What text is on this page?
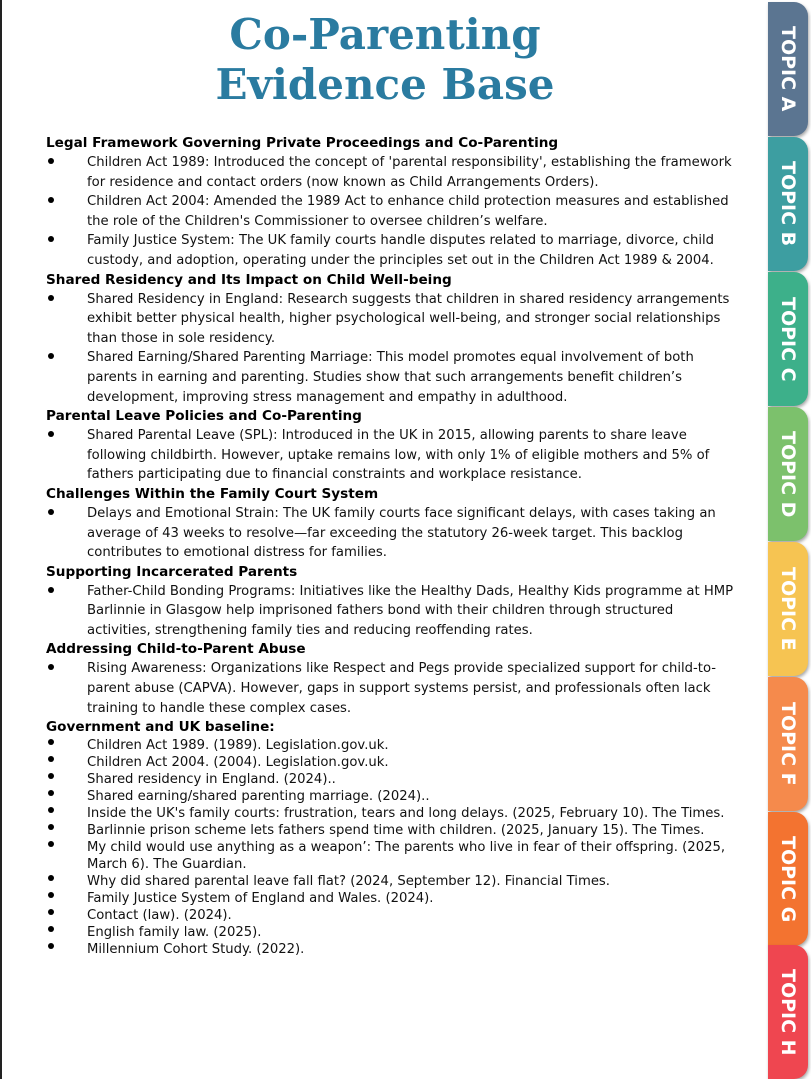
Co-Parenting
Evidence Base
Legal Framework Governing Private Proceedings and Co-Parenting
Children Act 1989: Introduced the concept of 'parental responsibility', establishing the framework for residence and contact orders (now known as Child Arrangements Orders).
Children Act 2004: Amended the 1989 Act to enhance child protection measures and established the role of the Children's Commissioner to oversee children’s welfare.
Family Justice System: The UK family courts handle disputes related to marriage, divorce, child custody, and adoption, operating under the principles set out in the Children Act 1989 & 2004.
Shared Residency and Its Impact on Child Well-being
Shared Residency in England: Research suggests that children in shared residency arrangements exhibit better physical health, higher psychological well-being, and stronger social relationships than those in sole residency.
Shared Earning/Shared Parenting Marriage: This model promotes equal involvement of both parents in earning and parenting. Studies show that such arrangements benefit children’s development, improving stress management and empathy in adulthood.
Parental Leave Policies and Co-Parenting
Shared Parental Leave (SPL): Introduced in the UK in 2015, allowing parents to share leave following childbirth. However, uptake remains low, with only 1% of eligible mothers and 5% of fathers participating due to financial constraints and workplace resistance.
Challenges Within the Family Court System
Delays and Emotional Strain: The UK family courts face significant delays, with cases taking an average of 43 weeks to resolve—far exceeding the statutory 26-week target. This backlog contributes to emotional distress for families.
Supporting Incarcerated Parents
Father-Child Bonding Programs: Initiatives like the Healthy Dads, Healthy Kids programme at HMP Barlinnie in Glasgow help imprisoned fathers bond with their children through structured activities, strengthening family ties and reducing reoffending rates.
Addressing Child-to-Parent Abuse
Rising Awareness: Organizations like Respect and Pegs provide specialized support for child-to-parent abuse (CAPVA). However, gaps in support systems persist, and professionals often lack training to handle these complex cases.
Government and UK baseline:
Children Act 1989. (1989). Legislation.gov.uk.
Children Act 2004. (2004). Legislation.gov.uk.
Shared residency in England. (2024)..
Shared earning/shared parenting marriage. (2024)..
Inside the UK's family courts: frustration, tears and long delays. (2025, February 10). The Times.
Barlinnie prison scheme lets fathers spend time with children. (2025, January 15). The Times.
My child would use anything as a weapon’: The parents who live in fear of their offspring. (2025, March 6). The Guardian.
Why did shared parental leave fall flat? (2024, September 12). Financial Times.
Family Justice System of England and Wales. (2024).
Contact (law). (2024).
English family law. (2025).
Millennium Cohort Study. (2022).
TOPIC A
TOPIC B
TOPIC C
TOPIC D
TOPIC E
TOPIC F
TOPIC G
TOPIC H
